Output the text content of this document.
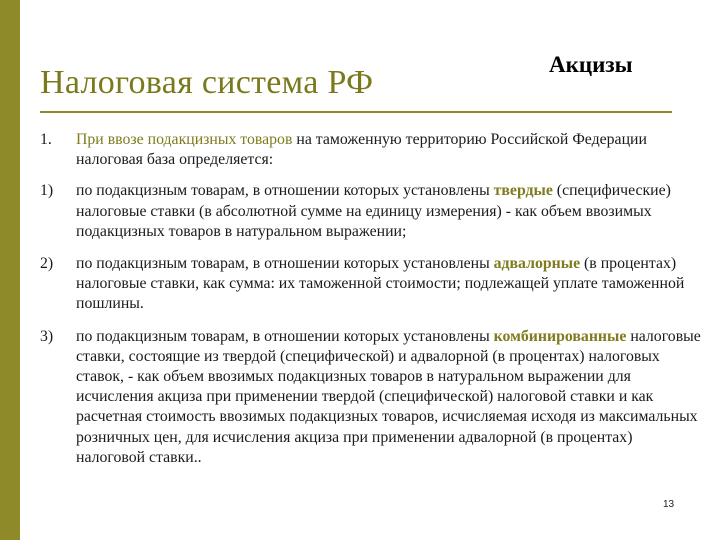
Налоговая система РФ	Акцизы
1.	При ввозе подакцизных товаров на таможенную территорию Российской Федерации налоговая база определяется:
1)	по подакцизным товарам, в отношении которых установлены твердые (специфические) налоговые ставки (в абсолютной сумме на единицу измерения) - как объем ввозимых подакцизных товаров в натуральном выражении;
2)	по подакцизным товарам, в отношении которых установлены адвалорные (в процентах) налоговые ставки, как сумма: их таможенной стоимости; подлежащей уплате таможенной пошлины.
3)	по подакцизным товарам, в отношении которых установлены комбинированные налоговые ставки, состоящие из твердой (специфической) и адвалорной (в процентах) налоговых ставок, - как объем ввозимых подакцизных товаров в натуральном выражении для исчисления акциза при применении твердой (специфической) налоговой ставки и как расчетная стоимость ввозимых подакцизных товаров, исчисляемая исходя из максимальных розничных цен, для исчисления акциза при применении адвалорной (в процентах) налоговой ставки..
13
